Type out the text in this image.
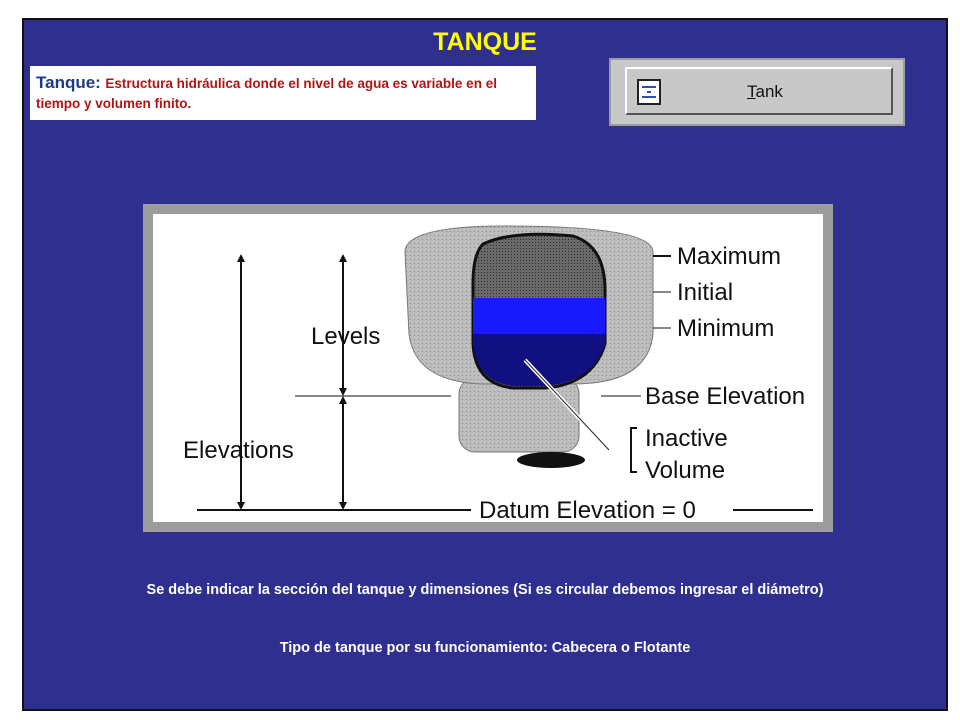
TANQUE
Tanque: Estructura hidráulica donde el nivel de agua es variable en el tiempo y volumen finito.
Tank
Maximum
Initial
Minimum
Levels
Elevations
Base Elevation
Inactive
Volume
Datum Elevation = 0
Se debe indicar la sección del tanque y dimensiones (Si es circular debemos ingresar el diámetro)
Tipo de tanque por su funcionamiento: Cabecera o Flotante
